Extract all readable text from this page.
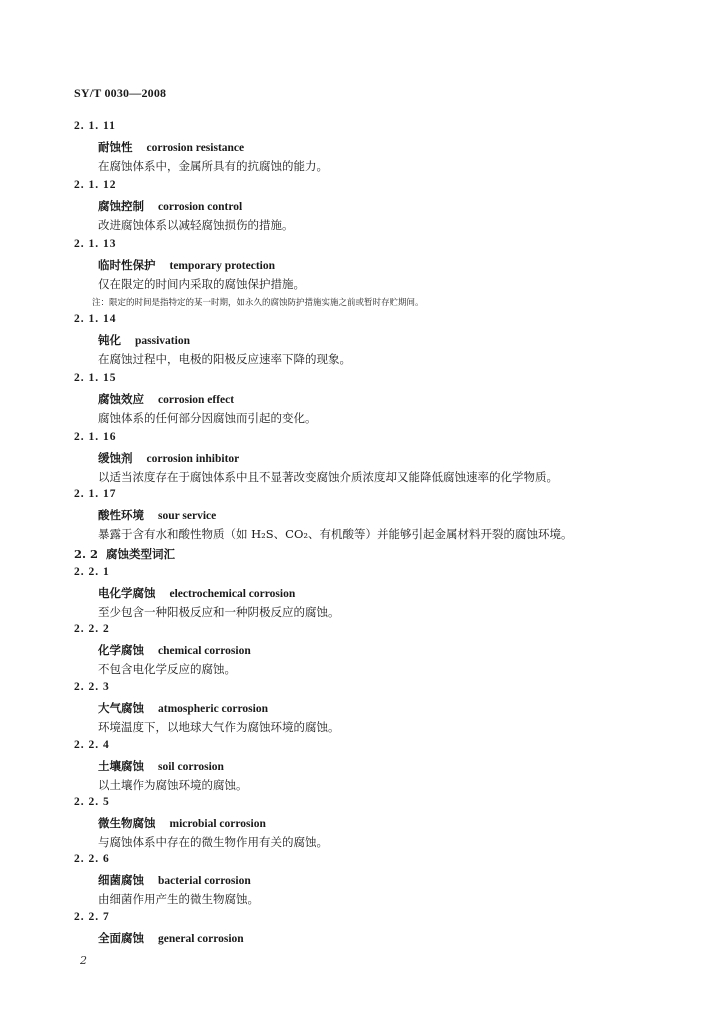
SY/T 0030—2008
2. 1. 11
耐蚀性 corrosion resistance
在腐蚀体系中，金属所具有的抗腐蚀的能力。
2. 1. 12
腐蚀控制 corrosion control
改进腐蚀体系以减轻腐蚀损伤的措施。
2. 1. 13
临时性保护 temporary protection
仅在限定的时间内采取的腐蚀保护措施。
注：限定的时间是指特定的某一时期，如永久的腐蚀防护措施实施之前或暂时存贮期间。
2. 1. 14
钝化 passivation
在腐蚀过程中，电极的阳极反应速率下降的现象。
2. 1. 15
腐蚀效应 corrosion effect
腐蚀体系的任何部分因腐蚀而引起的变化。
2. 1. 16
缓蚀剂 corrosion inhibitor
以适当浓度存在于腐蚀体系中且不显著改变腐蚀介质浓度却又能降低腐蚀速率的化学物质。
2. 1. 17
酸性环境 sour service
暴露于含有水和酸性物质（如 H₂S、CO₂、有机酸等）并能够引起金属材料开裂的腐蚀环境。
2. 2 腐蚀类型词汇
2. 2. 1
电化学腐蚀 electrochemical corrosion
至少包含一种阳极反应和一种阴极反应的腐蚀。
2. 2. 2
化学腐蚀 chemical corrosion
不包含电化学反应的腐蚀。
2. 2. 3
大气腐蚀 atmospheric corrosion
环境温度下，以地球大气作为腐蚀环境的腐蚀。
2. 2. 4
土壤腐蚀 soil corrosion
以土壤作为腐蚀环境的腐蚀。
2. 2. 5
微生物腐蚀 microbial corrosion
与腐蚀体系中存在的微生物作用有关的腐蚀。
2. 2. 6
细菌腐蚀 bacterial corrosion
由细菌作用产生的微生物腐蚀。
2. 2. 7
全面腐蚀 general corrosion
2
